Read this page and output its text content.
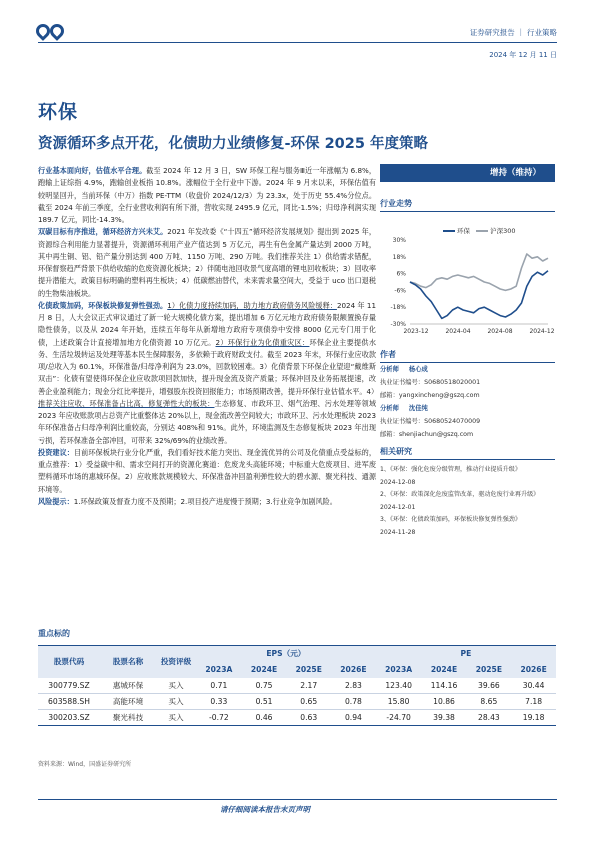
证券研究报告 ｜ 行业策略
2024 年 12 月 11 日
环保
资源循环多点开花，化债助力业绩修复-环保 2025 年度策略

行业基本面向好，估值水平合理。截至 2024 年 12 月 3 日，SW 环保工程与服务Ⅲ近一年涨幅为 6.8%，跑输上证综指 4.9%，跑输创业板指 10.8%。涨幅位于全行业中下游。2024 年 9 月末以来，环保估值有较明显回升，当前环保（中万）指数 PE-TTM（收盘价 2024/12/3）为 23.3x，处于历史 55.4%分位点。截至 2024 年前三季度，全行业营收利润有所下滑，营收实现 2495.9 亿元，同比-1.5%；归母净利润实现 189.7 亿元，同比-14.3%。

双碳目标有序推进，循环经济方兴未艾。2021 年发改委《“十四五”循环经济发展规划》提出到 2025 年，资源综合利用能力显著提升，资源循环利用产业产值达到 5 万亿元，再生有色金属产量达到 2000 万吨，其中再生铜、铝、铅产量分别达到 400 万吨、1150 万吨、290 万吨。我们推荐关注 1）供给需求错配，环保督察趋严背景下供给收缩的危废资源化板块；2）伴随电池回收景气度高增的锂电回收板块；3）回收率提升潜能大，政策目标明确的塑料再生板块；4）低碳燃油替代，未来需求量空间大，受益于 uco 出口退税的生物柴油板块。

化债政策加码，环保板块修复弹性强劲。1）化债力度持续加码，助力地方政府债务风险缓释：2024 年 11 月 8 日，人大会议正式审议通过了新一轮大规模化债方案，提出增加 6 万亿元地方政府债务限额置换存量隐性债务，以及从 2024 年开始，连续五年每年从新增地方政府专项债券中安排 8000 亿元专门用于化债，上述政策合计直接增加地方化债资源 10 万亿元。2）环保行业为化债重灾区：环保企业主要提供水务、生活垃圾转运及处理等基本民生保障服务，多依赖于政府财政支付。截至 2023 年末，环保行业应收款项/总收入为 60.1%，环保准备/归母净利润为 23.0%，回款较困难。3）化债背景下环保企业望迎“戴维斯双击”：化债有望使得环保企业应收款项回款加快，提升现金流及资产质量；环保冲回及业务拓展提速，改善企业盈利能力；现金分红比率提升，增强股东投资回报能力；市场预期改善，提升环保行业估值水平。4）推荐关注应收、环保准备占比高，修复弹性大的板块：生态修复、市政环卫、烟气治理、污水处理等领域 2023 年应收账款项占总资产比重整体达 20%以上，现金流改善空间较大；市政环卫、污水处理板块 2023 年环保准备占归母净利润比重较高，分别达 408%和 91%。此外，环境监测及生态修复板块 2023 年出现亏损，若环保准备全部冲回，可带来 32%/69%的业绩改善。

投资建议：目前环保板块行业分化严重，我们看好技术能力突出、现金流优异的公司及化债重点受益标的，重点推荐：1）受益碳中和、需求空间打开的资源化赛道：危废龙头高能环境；中标重大危废项目、进军废塑料循环市场的惠城环保。2）应收账款规模较大、环保准备冲回盈利弹性较大的碧水源、聚光科技、通源环境等。

风险提示：1.环保政策及督查力度不及预期；2.项目投产进度慢于预期；3.行业竞争加剧风险。

增持（维持）
行业走势
环保	沪深300
30%
18%
6%
-6%
-18%
-30%
2023-12	2024-04	2024-08	2024-12
作者
分析师 杨心成
执业证书编号：S0680518020001
邮箱：yangxincheng@gszq.com
分析师 沈佳纯
执业证书编号：S0680524070009
邮箱：shenjiachun@gszq.com
相关研究
1、《环保：强化危废分级管理，推动行业提质升级》
2024-12-08
2、《环保：政策深化危废监管改革，驱动危废行业再升级》
2024-12-01
3、《环保：化债政策加码，环保板块修复弹性强劲》
2024-11-28
重点标的
股票代码	股票名称	投资评级	EPS（元）				PE			
			2023A	2024E	2025E	2026E	2023A	2024E	2025E	2026E
300779.SZ	惠城环保	买入	0.71	0.75	2.17	2.83	123.40	114.16	39.66	30.44
603588.SH	高能环境	买入	0.33	0.51	0.65	0.78	15.80	10.86	8.65	7.18
300203.SZ	聚光科技	买入	-0.72	0.46	0.63	0.94	-24.70	39.38	28.43	19.18
资料来源：Wind，国盛证券研究所
请仔细阅读本报告末页声明
